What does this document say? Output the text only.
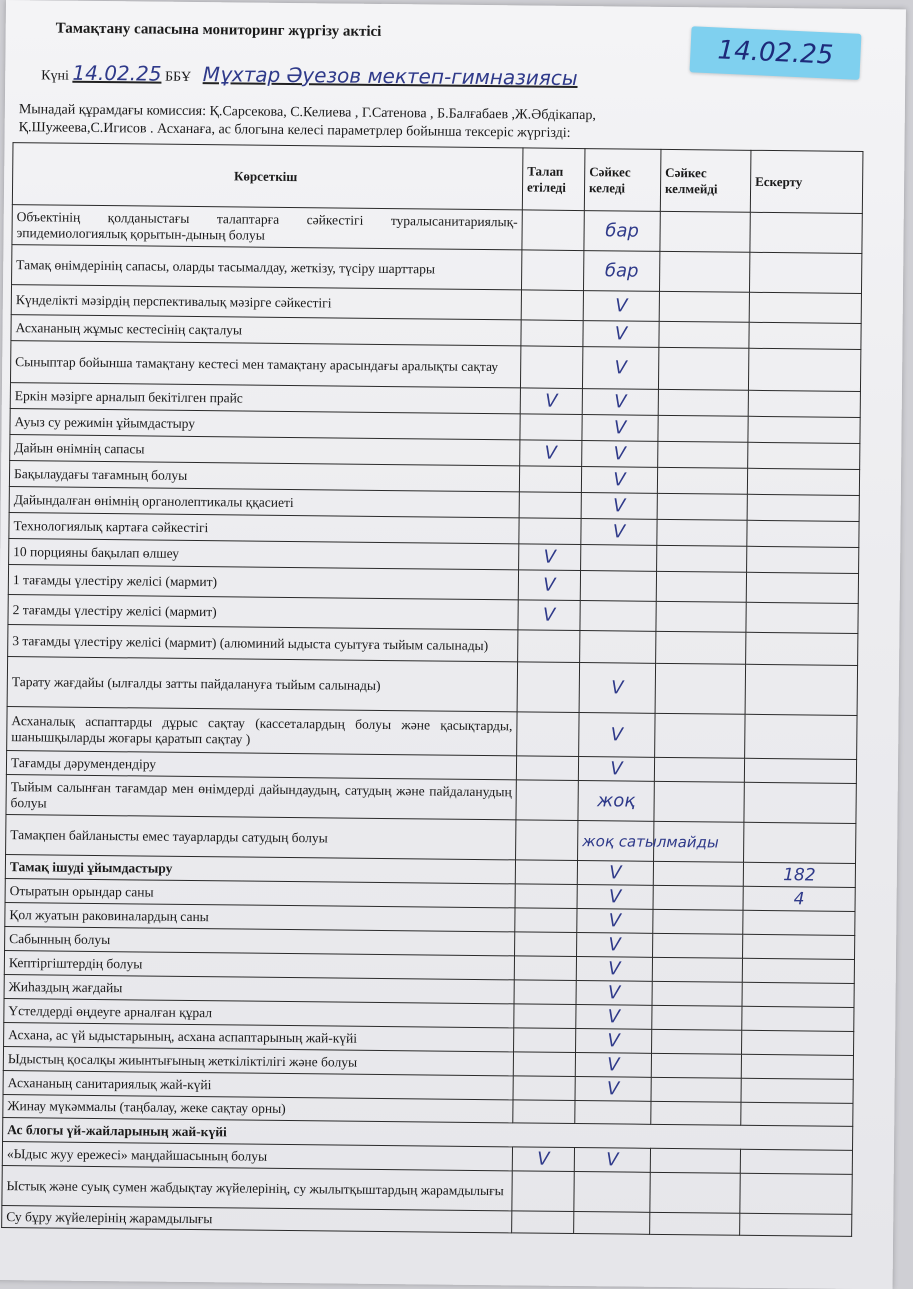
Тамақтану сапасына мониторинг жүргізу актісі
14.02.25
Күні 14.02.25 ББҰ Мұхтар Әуезов мектеп-гимназиясы
Мынадай құрамдағы комиссия: Қ.Сарсекова, С.Келиева , Г.Сатенова , Б.Балғабаев ,Ж.Әбдікапар,
Қ.Шужеева,С.Игисов . Асханаға, ас блогына келесі параметрлер бойынша тексеріс жүргізді:
Көрсеткіш	Талап етіледі	Сәйкес келеді	Сәйкес келмейді	Ескерту
Объектінің қолданыстағы талаптарға сәйкестігі туралысанитариялық-эпидемиологиялық қорытын-дының болуы		бар		
Тамақ өнімдерінің сапасы, оларды тасымалдау, жеткізу, түсіру шарттары		бар		
Күнделікті мәзірдің перспективалық мәзірге сәйкестігі		V		
Асхананың жұмыс кестесінің сақталуы		V		
Сыныптар бойынша тамақтану кестесі мен тамақтану арасындағы аралықты сақтау		V		
Еркін мәзірге арналып бекітілген прайс	V	V		
Ауыз су режимін ұйымдастыру		V		
Дайын өнімнің сапасы	V	V		
Бақылаудағы тағамның болуы		V		
Дайындалған өнімнің органолептикалы ққасиеті		V		
Технологиялық картаға сәйкестігі		V		
10 порцияны бақылап өлшеу	V			
1 тағамды үлестіру желісі (мармит)	V			
2 тағамды үлестіру желісі (мармит)	V			
3 тағамды үлестіру желісі (мармит) (алюминий ыдыста суытуға тыйым салынады)				
Тарату жағдайы (ылғалды затты пайдалануға тыйым салынады)		V		
Асханалық аспаптарды дұрыс сақтау (кассеталардың болуы және қасықтарды, шанышқыларды жоғары қаратып сақтау )		V		
Тағамды дәрумендендіру		V		
Тыйым салынған тағамдар мен өнімдерді дайындаудың, сатудың және пайдаланудың болуы		жоқ		
Тамақпен байланысты емес тауарларды сатудың болуы		жоқ сатылмайды		
Тамақ ішуді ұйымдастыру		V		182
Отыратын орындар саны		V		4
Қол жуатын раковиналардың саны		V		
Сабынның болуы		V		
Кептіргіштердің болуы		V		
Жиһаздың жағдайы		V		
Үстелдерді өңдеуге арналған құрал		V		
Асхана, ас үй ыдыстарының, асхана аспаптарының жай-күйі		V		
Ыдыстың қосалқы жиынтығының жеткіліктілігі және болуы		V		
Асхананың санитариялық жай-күйі		V		
Жинау мүкәммалы (таңбалау, жеке сақтау орны)				
Ас блогы үй-жайларының жай-күйі				
«Ыдыс жуу ережесі» маңдайшасының болуы	V	V		
Ыстық және суық сумен жабдықтау жүйелерінің, су жылытқыштардың жарамдылығы				
Су бұру жүйелерінің жарамдылығы				
